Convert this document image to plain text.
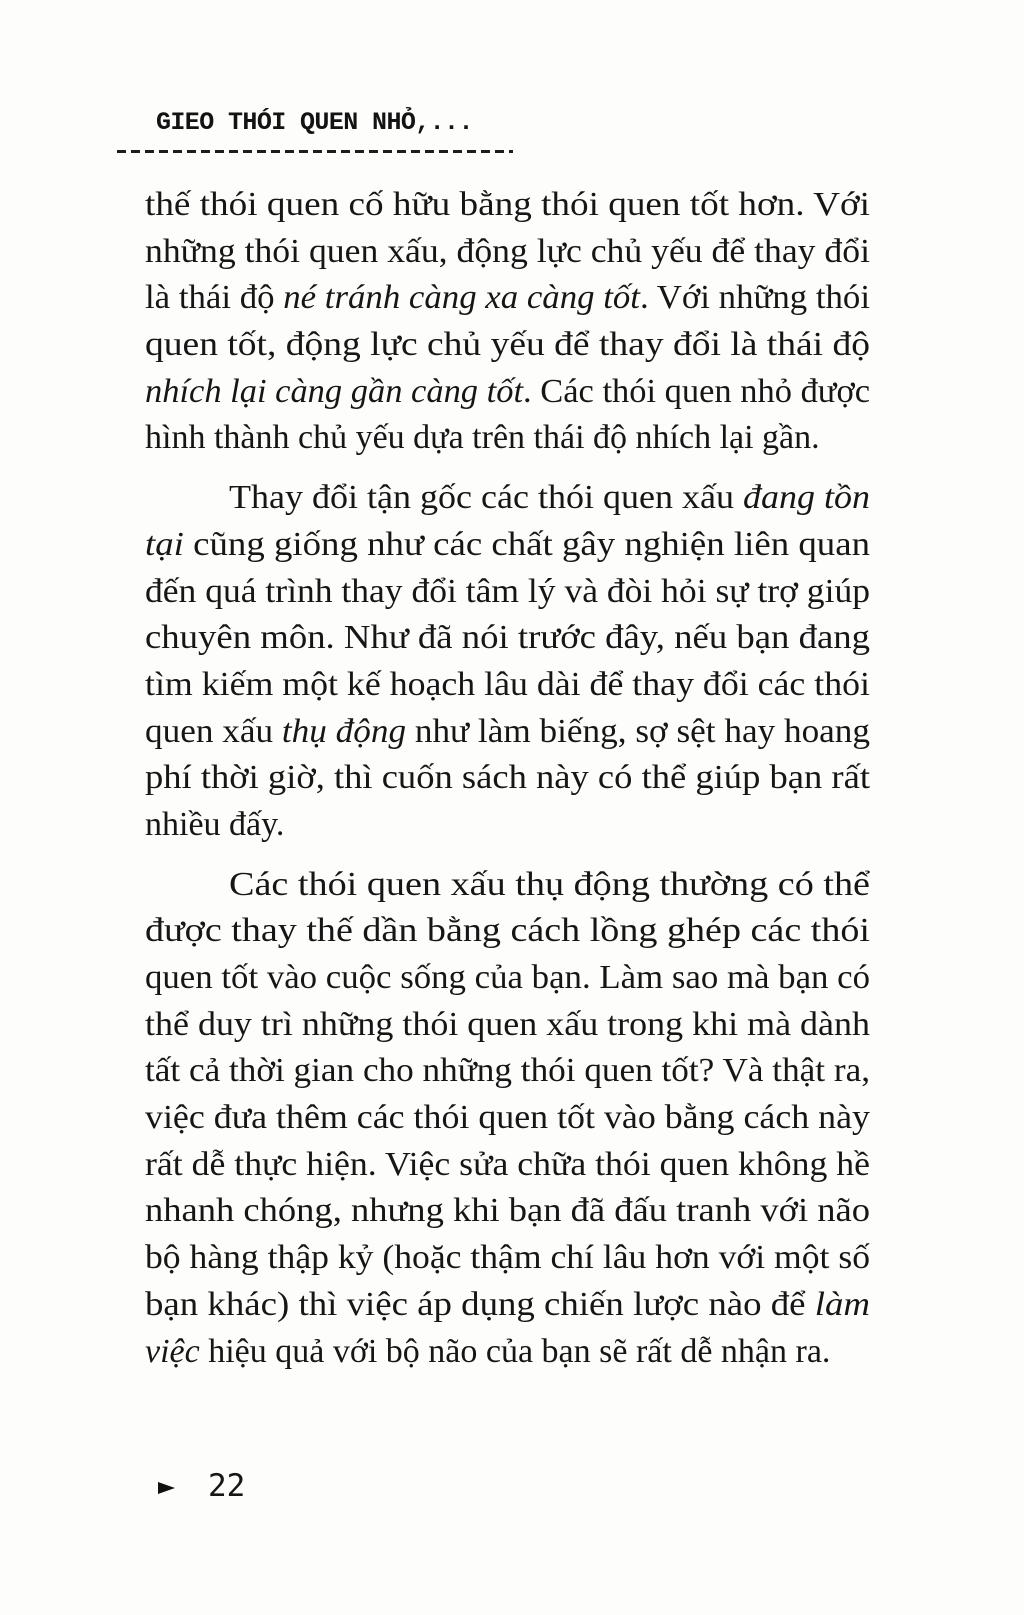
GIEO THÓI QUEN NHỎ,...
thế thói quen cố hữu bằng thói quen tốt hơn. Với
những thói quen xấu, động lực chủ yếu để thay đổi
là thái độ né tránh càng xa càng tốt. Với những thói
quen tốt, động lực chủ yếu để thay đổi là thái độ
nhích lại càng gần càng tốt. Các thói quen nhỏ được
hình thành chủ yếu dựa trên thái độ nhích lại gần.
Thay đổi tận gốc các thói quen xấu đang tồn
tại cũng giống như các chất gây nghiện liên quan
đến quá trình thay đổi tâm lý và đòi hỏi sự trợ giúp
chuyên môn. Như đã nói trước đây, nếu bạn đang
tìm kiếm một kế hoạch lâu dài để thay đổi các thói
quen xấu thụ động như làm biếng, sợ sệt hay hoang
phí thời giờ, thì cuốn sách này có thể giúp bạn rất
nhiều đấy.
Các thói quen xấu thụ động thường có thể
được thay thế dần bằng cách lồng ghép các thói
quen tốt vào cuộc sống của bạn. Làm sao mà bạn có
thể duy trì những thói quen xấu trong khi mà dành
tất cả thời gian cho những thói quen tốt? Và thật ra,
việc đưa thêm các thói quen tốt vào bằng cách này
rất dễ thực hiện. Việc sửa chữa thói quen không hề
nhanh chóng, nhưng khi bạn đã đấu tranh với não
bộ hàng thập kỷ (hoặc thậm chí lâu hơn với một số
bạn khác) thì việc áp dụng chiến lược nào để làm
việc hiệu quả với bộ não của bạn sẽ rất dễ nhận ra.
22
